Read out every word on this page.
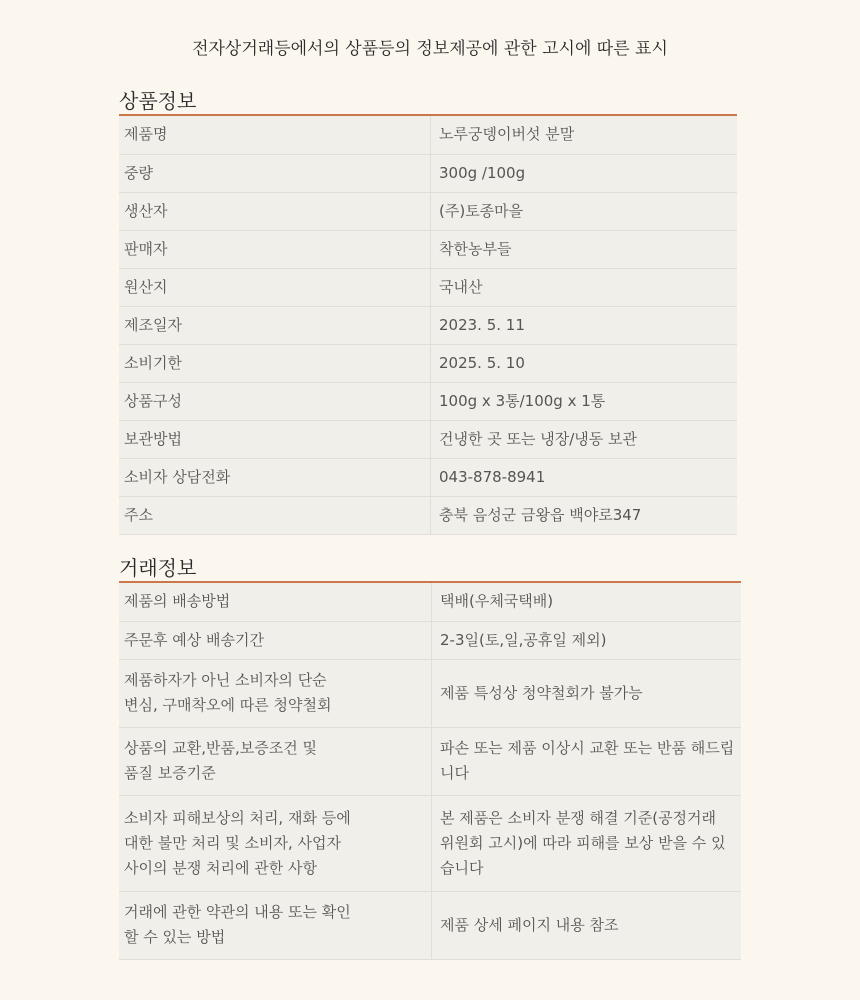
전자상거래등에서의 상품등의 정보제공에 관한 고시에 따른 표시
상품정보
제품명	노루궁뎅이버섯 분말
중량	300g /100g
생산자	(주)토종마을
판매자	착한농부들
원산지	국내산
제조일자	2023. 5. 11
소비기한	2025. 5. 10
상품구성	100g x 3통/100g x 1통
보관방법	건냉한 곳 또는 냉장/냉동 보관
소비자 상담전화	043-878-8941
주소	충북 음성군 금왕읍 백야로347
거래정보
제품의 배송방법	택배(우체국택배)
주문후 예상 배송기간	2-3일(토,일,공휴일 제외)
제품하자가 아닌 소비자의 단순
변심, 구매착오에 따른 청약철회	제품 특성상 청약철회가 불가능
상품의 교환,반품,보증조건 및
품질 보증기준	파손 또는 제품 이상시 교환 또는 반품 해드립
니다
소비자 피해보상의 처리, 재화 등에
대한 불만 처리 및 소비자, 사업자
사이의 분쟁 처리에 관한 사항	본 제품은 소비자 분쟁 해결 기준(공정거래
위원회 고시)에 따라 피해를 보상 받을 수 있
습니다
거래에 관한 약관의 내용 또는 확인
할 수 있는 방법	제품 상세 페이지 내용 참조
